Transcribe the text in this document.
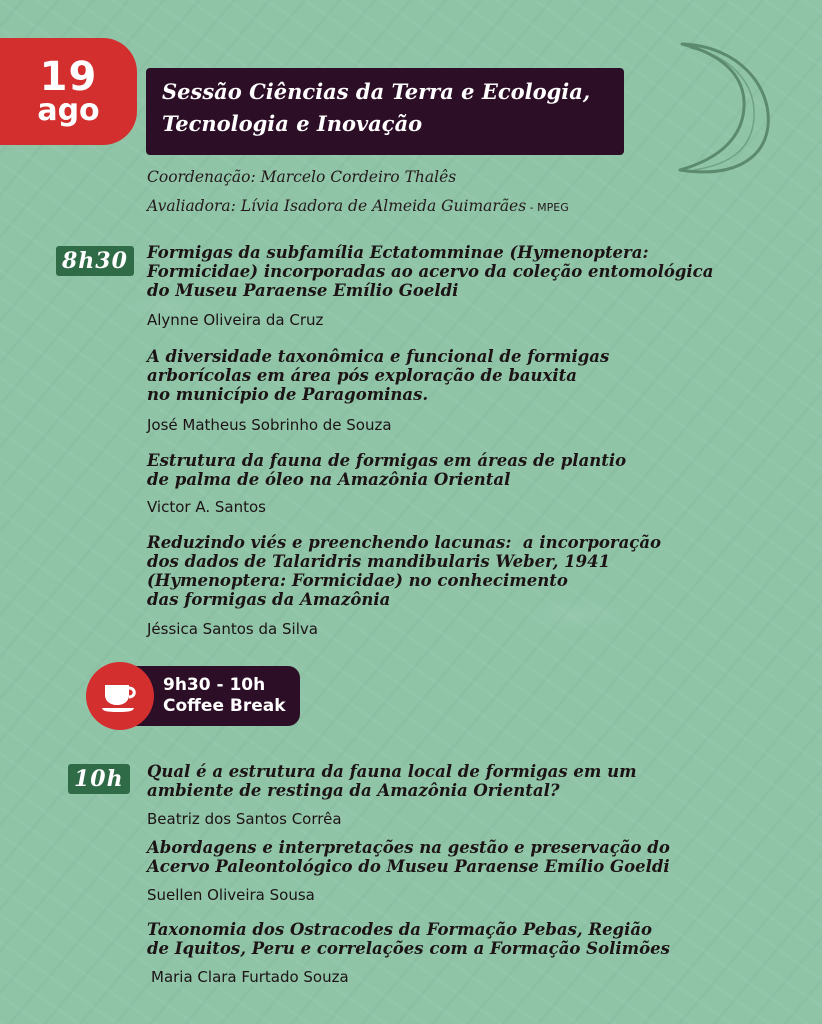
19
ago
Sessão Ciências da Terra e Ecologia,
Tecnologia e Inovação
Coordenação: Marcelo Cordeiro Thalês
Avaliadora: Lívia Isadora de Almeida Guimarães - MPEG
8h30	Formigas da subfamília Ectatomminae (Hymenoptera:
Formicidae) incorporadas ao acervo da coleção entomológica
do Museu Paraense Emílio Goeldi
Alynne Oliveira da Cruz
A diversidade taxonômica e funcional de formigas
arborícolas em área pós exploração de bauxita
no município de Paragominas.
José Matheus Sobrinho de Souza
Estrutura da fauna de formigas em áreas de plantio
de palma de óleo na Amazônia Oriental
Victor A. Santos
Reduzindo viés e preenchendo lacunas:  a incorporação
dos dados de Talaridris mandibularis Weber, 1941
(Hymenoptera: Formicidae) no conhecimento
das formigas da Amazônia
Jéssica Santos da Silva
9h30 - 10h
Coffee Break
10h	Qual é a estrutura da fauna local de formigas em um
ambiente de restinga da Amazônia Oriental?
Beatriz dos Santos Corrêa
Abordagens e interpretações na gestão e preservação do
Acervo Paleontológico do Museu Paraense Emílio Goeldi
Suellen Oliveira Sousa
Taxonomia dos Ostracodes da Formação Pebas, Região
de Iquitos, Peru e correlações com a Formação Solimões
Maria Clara Furtado Souza
